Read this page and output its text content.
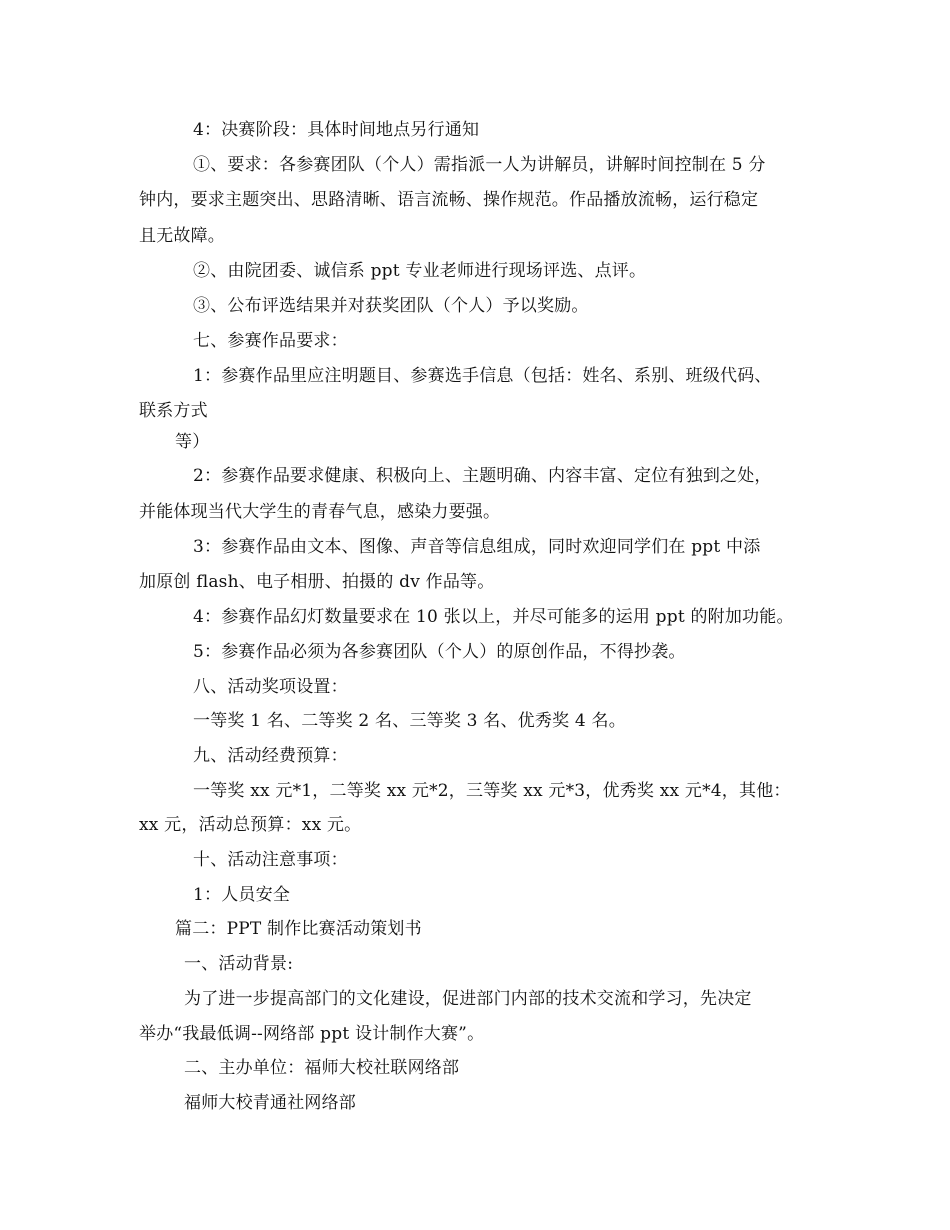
4：决赛阶段：具体时间地点另行通知
①、要求：各参赛团队（个人）需指派一人为讲解员，讲解时间控制在 5 分
钟内，要求主题突出、思路清晰、语言流畅、操作规范。作品播放流畅，运行稳定
且无故障。
②、由院团委、诚信系 ppt 专业老师进行现场评选、点评。
③、公布评选结果并对获奖团队（个人）予以奖励。
七、参赛作品要求：
1：参赛作品里应注明题目、参赛选手信息（包括：姓名、系别、班级代码、
联系方式
等）
2：参赛作品要求健康、积极向上、主题明确、内容丰富、定位有独到之处，
并能体现当代大学生的青春气息，感染力要强。
3：参赛作品由文本、图像、声音等信息组成，同时欢迎同学们在 ppt 中添
加原创 flash、电子相册、拍摄的 dv 作品等。
4：参赛作品幻灯数量要求在 10 张以上，并尽可能多的运用 ppt 的附加功能。
5：参赛作品必须为各参赛团队（个人）的原创作品，不得抄袭。
八、活动奖项设置：
一等奖 1 名、二等奖 2 名、三等奖 3 名、优秀奖 4 名。
九、活动经费预算：
一等奖 xx 元*1，二等奖 xx 元*2，三等奖 xx 元*3，优秀奖 xx 元*4，其他：
xx 元，活动总预算：xx 元。
十、活动注意事项：
1：人员安全
篇二：PPT 制作比赛活动策划书
一、活动背景:
为了进一步提高部门的文化建设，促进部门内部的技术交流和学习，先决定
举办“我最低调--网络部 ppt 设计制作大赛”。
二、主办单位：福师大校社联网络部
福师大校青通社网络部
